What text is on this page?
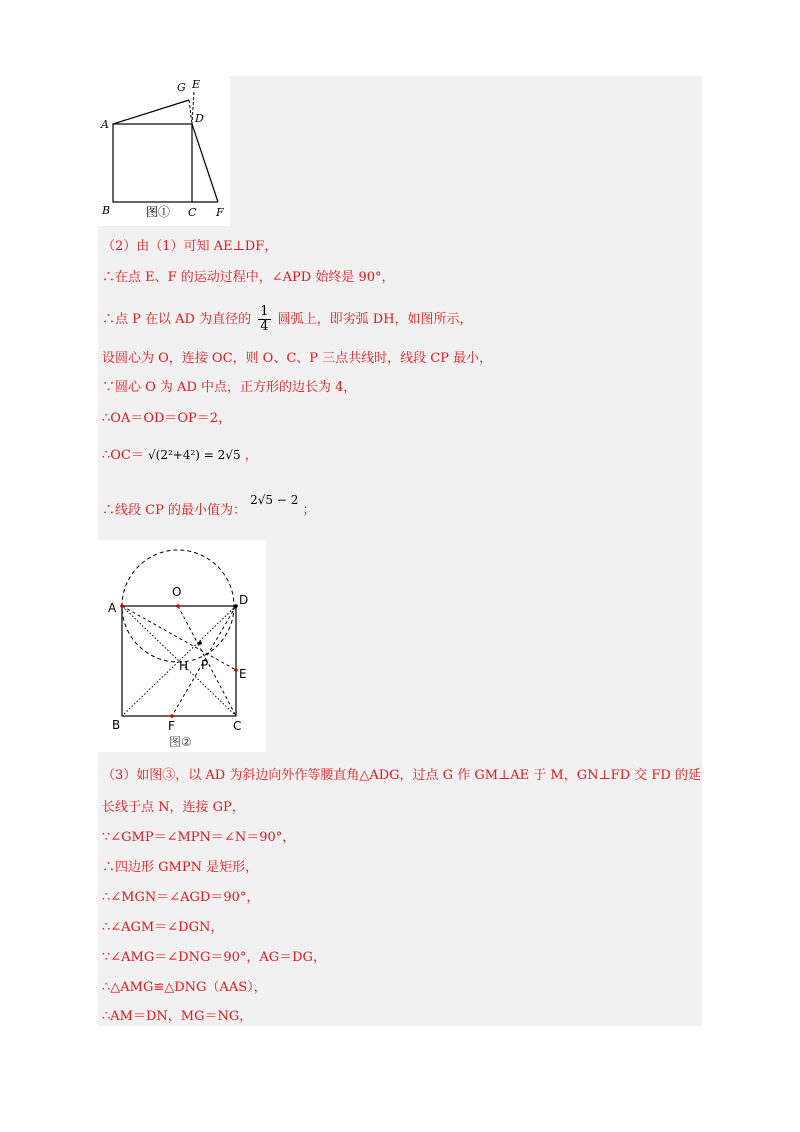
A
B	C
D
E
F
G
图①
（2）由（1）可知 AE⊥DF，
∴在点 E、F 的运动过程中，∠APD 始终是 90°，
∴点 P 在以 AD 为直径的 $\frac{1}{4}$ 圆弧上，即劣弧 DH，如图所示，
设圆心为 O，连接 OC，则 O、C、P 三点共线时，线段 CP 最小，
∵圆心 O 为 AD 中点，正方形的边长为 4，
∴OA＝OD＝OP＝2，
∴OC＝ √(2²+4²) = 2√5 ，
∴线段 CP 的最小值为： 2√5 − 2 ；
O
A
D
H P
E
B	F	C
图②
（3）如图③，以 AD 为斜边向外作等腰直角△ADG，过点 G 作 GM⊥AE 于 M，GN⊥FD 交 FD 的延
长线于点 N，连接 GP，
∵∠GMP＝∠MPN＝∠N＝90°，
∴四边形 GMPN 是矩形，
∴∠MGN＝∠AGD＝90°，
∴∠AGM＝∠DGN，
∵∠AMG＝∠DNG＝90°，AG＝DG，
∴△AMG≌△DNG（AAS），
∴AM＝DN，MG＝NG，
